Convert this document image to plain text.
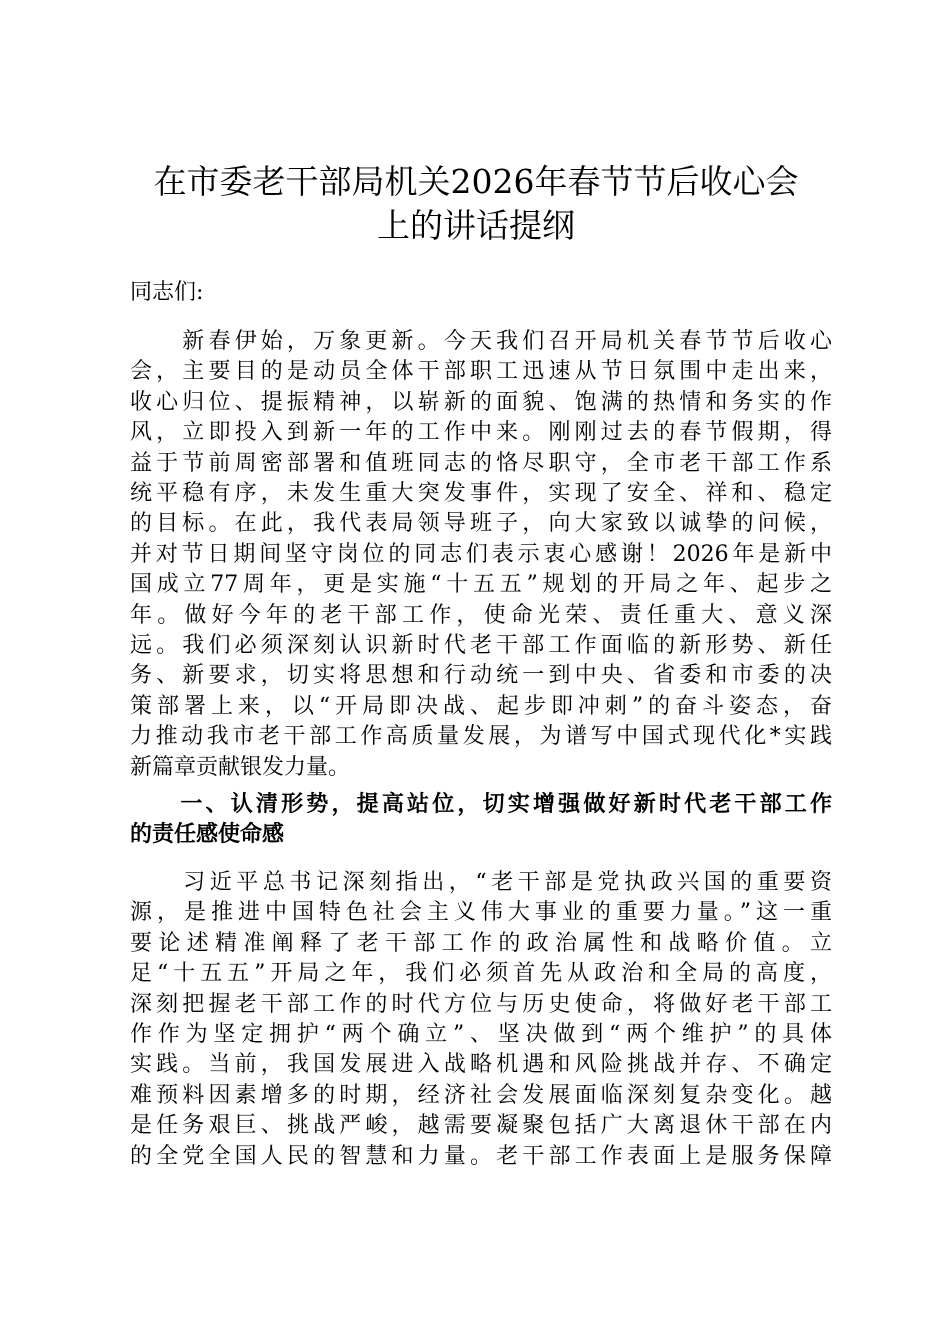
在市委老干部局机关2026年春节节后收心会
上的讲话提纲

同志们:

　　新春伊始，万象更新。今天我们召开局机关春节节后收心
会，主要目的是动员全体干部职工迅速从节日氛围中走出来，
收心归位、提振精神，以崭新的面貌、饱满的热情和务实的作
风，立即投入到新一年的工作中来。刚刚过去的春节假期，得
益于节前周密部署和值班同志的恪尽职守，全市老干部工作系
统平稳有序，未发生重大突发事件，实现了安全、祥和、稳定
的目标。在此，我代表局领导班子，向大家致以诚挚的问候，
并对节日期间坚守岗位的同志们表示衷心感谢！2026年是新中
国成立77周年，更是实施“十五五”规划的开局之年、起步之
年。做好今年的老干部工作，使命光荣、责任重大、意义深
远。我们必须深刻认识新时代老干部工作面临的新形势、新任
务、新要求，切实将思想和行动统一到中央、省委和市委的决
策部署上来，以“开局即决战、起步即冲刺”的奋斗姿态，奋
力推动我市老干部工作高质量发展，为谱写中国式现代化*实践
新篇章贡献银发力量。
　　一、认清形势，提高站位，切实增强做好新时代老干部工作
的责任感使命感
　　习近平总书记深刻指出，“老干部是党执政兴国的重要资
源，是推进中国特色社会主义伟大事业的重要力量。”这一重
要论述精准阐释了老干部工作的政治属性和战略价值。立
足“十五五”开局之年，我们必须首先从政治和全局的高度，
深刻把握老干部工作的时代方位与历史使命，将做好老干部工
作作为坚定拥护“两个确立”、坚决做到“两个维护”的具体
实践。当前，我国发展进入战略机遇和风险挑战并存、不确定
难预料因素增多的时期，经济社会发展面临深刻复杂变化。越
是任务艰巨、挑战严峻，越需要凝聚包括广大离退休干部在内
的全党全国人民的智慧和力量。老干部工作表面上是服务保障
